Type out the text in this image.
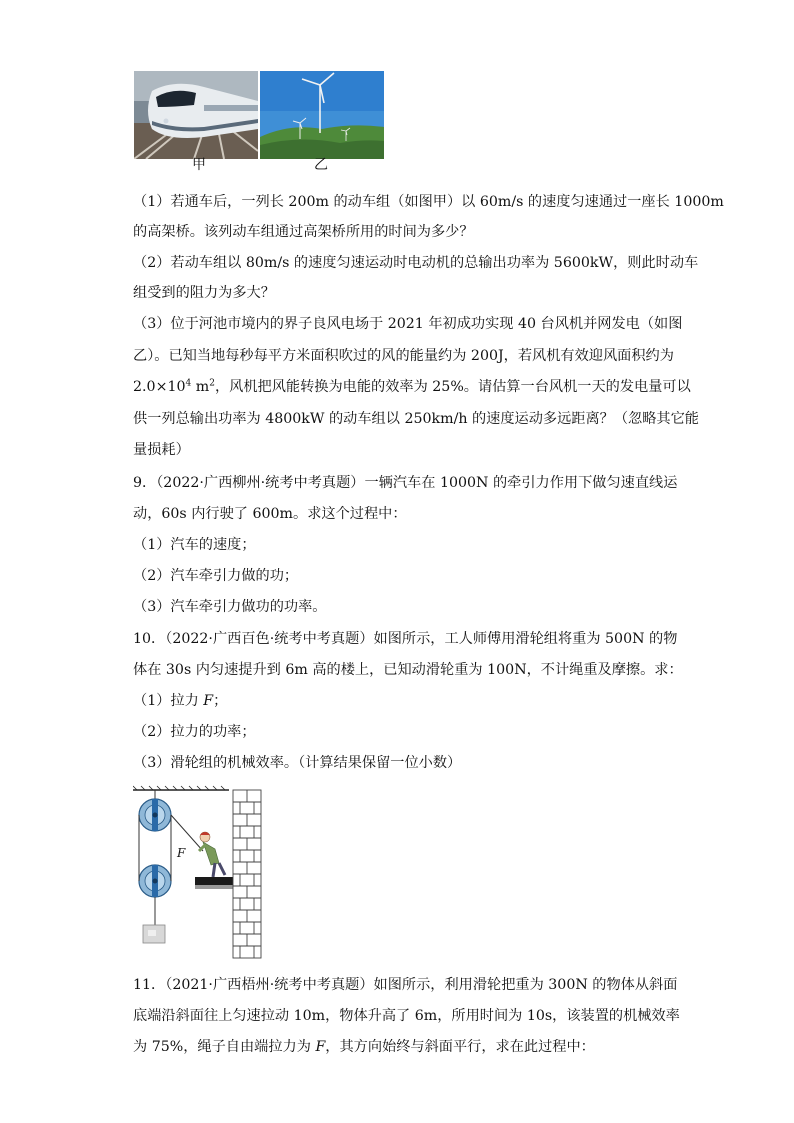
甲	乙
（1）若通车后，一列长 200m 的动车组（如图甲）以 60m/s 的速度匀速通过一座长 1000m
的高架桥。该列动车组通过高架桥所用的时间为多少？
（2）若动车组以 80m/s 的速度匀速运动时电动机的总输出功率为 5600kW，则此时动车
组受到的阻力为多大？
（3）位于河池市境内的界子良风电场于 2021 年初成功实现 40 台风机并网发电（如图
乙）。已知当地每秒每平方米面积吹过的风的能量约为 200J，若风机有效迎风面积约为
$2.0\times 10^4$ $m^2$，风机把风能转换为电能的效率为 25%。请估算一台风机一天的发电量可以
供一列总输出功率为 4800kW 的动车组以 250km/h 的速度运动多远距离？（忽略其它能
量损耗）
9．（2022·广西柳州·统考中考真题）一辆汽车在 1000N 的牵引力作用下做匀速直线运
动，60s 内行驶了 600m。求这个过程中：
（1）汽车的速度；
（2）汽车牵引力做的功；
（3）汽车牵引力做功的功率。
10．（2022·广西百色·统考中考真题）如图所示，工人师傅用滑轮组将重为 500N 的物
体在 30s 内匀速提升到 6m 高的楼上，已知动滑轮重为 100N，不计绳重及摩擦。求：
（1）拉力 F；
（2）拉力的功率；
（3）滑轮组的机械效率。（计算结果保留一位小数）
F
11．（2021·广西梧州·统考中考真题）如图所示，利用滑轮把重为 300N 的物体从斜面
底端沿斜面往上匀速拉动 10m，物体升高了 6m，所用时间为 10s，该装置的机械效率
为 75%，绳子自由端拉力为 F，其方向始终与斜面平行，求在此过程中：
